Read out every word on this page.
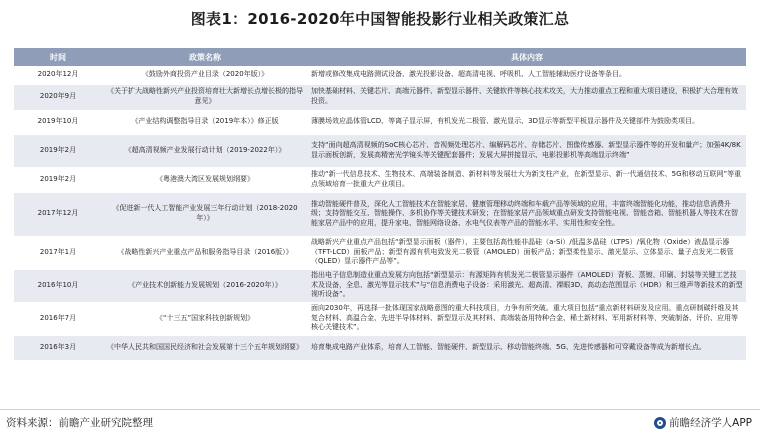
图表1：2016-2020年中国智能投影行业相关政策汇总
时间	政策名称	具体内容
2020年12月	《鼓励外商投资产业目录（2020年版）》	新增或修改集成电路测试设备、激光投影设备、超高清电视、呼吸机、人工智能辅助医疗设备等条目。
2020年9月	《关于扩大战略性新兴产业投资培育壮大新增长点增长极的指导意见》	加快基础材料、关键芯片、高端元器件、新型显示器件、关键软件等核心技术攻关，大力推动重点工程和重大项目建设，积极扩大合理有效投资。
2019年10月	《产业结构调整指导目录（2019年本）》修正版	薄膜场效应晶体管LCD、等离子显示屏，有机发光二极管、激光显示、3D显示等新型平板显示器件及关键部件为鼓励类项目。
2019年2月	《超高清视频产业发展行动计划（2019-2022年）》	支持“面向超高清视频的SoC核心芯片、音视频处理芯片、编解码芯片、存储芯片、图像传感器、新型显示器件等的开发和量产；加强4K/8K显示面板创新，发展高精密光学镜头等关键配套器件；发展大屏拼接显示、电影投影机等高端显示终端”
2019年2月	《粤港澳大湾区发展规划纲要》	推动“新一代信息技术、生物技术、高端装备制造、新材料等发展壮大为新支柱产业，在新型显示、新一代通信技术、5G和移动互联网”等重点领域培育一批重大产业项目。
2017年12月	《促进新一代人工智能产业发展三年行动计划（2018-2020 年）》	推动智能硬件普及，深化人工智能技术在智能家居、健康管理移动终端和车载产品等领域的应用，丰富终端智能化功能，推动信息消费升级；支持智能交互、智能操作、多机协作等关键技术研发；在智能家居产品领域重点研发支持智能电视、智能音箱、智能机器人等技术在智能家居产品中的应用，提升家电、智能网络设备、水电气仪表等产品的智能水平、实用性和安全性。
2017年1月	《战略性新兴产业重点产品和服务指导目录（2016版）》	战略新兴产业重点产品包括“新型显示面板（器件），主要包括高性能非晶硅（a-Si）/低温多晶硅（LTPS）/氧化物（Oxide）液晶显示器（TFT-LCD）面板产品；新型有源有机电致发光二极管（AMOLED）面板产品；新型柔性显示、激光显示、立体显示、量子点发光二极管（QLED）显示器件产品等”。
2016年10月	《产业技术创新能力发展规划（2016-2020年）》	指出电子信息制造业重点发展方向包括“新型显示：有源矩阵有机发光二极管显示器件（AMOLED）背板、蒸镀、印刷、封装等关键工艺技术及设备，全息、激光等显示技术”与“信息消费电子设备：采用激光、超高清、裸眼3D、高动态范围显示（HDR）和三维声等新技术的新型视听设备”。
2016年7月	《“十三五”国家科技创新规划》	面向2030年，再选择一批体现国家战略意图的重大科技项目，力争有所突破。重大项目包括“重点新材料研发及应用。重点研制碳纤维及其复合材料、高温合金、先进半导体材料、新型显示及其材料、高端装备用特种合金、稀土新材料、军用新材料等，突破制备、评价、应用等核心关键技术”。
2016年3月	《中华人民共和国国民经济和社会发展第十三个五年规划纲要》	培育集成电路产业体系，培育人工智能、智能硬件、新型显示、移动智能终端、5G、先进传感器和可穿戴设备等成为新增长点。
资料来源：前瞻产业研究院整理	前瞻经济学人APP
